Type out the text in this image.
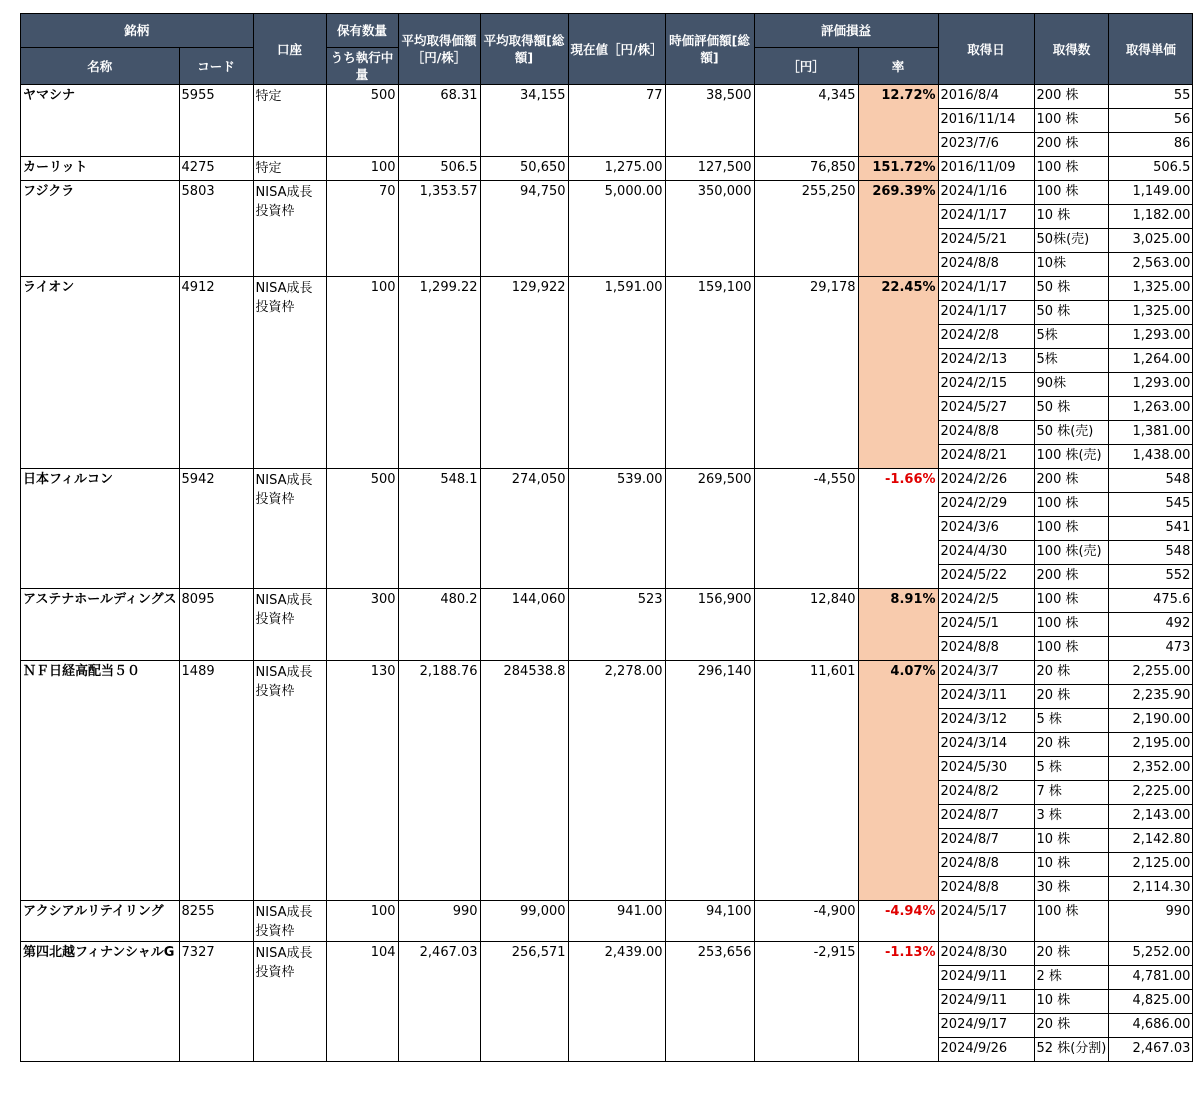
銘柄		口座	保有数量	平均取得価額［円/株］	平均取得額[総額]	現在値［円/株］	時価評価額[総額]	評価損益		取得日	取得数	取得単価
名称	コード		うち執行中量					［円］	率			
ヤマシナ	5955	特定	500	68.31	34,155	77	38,500	4,345	12.72%	2016/8/4	200 株	55
										2016/11/14	100 株	56
										2023/7/6	200 株	86
カーリット	4275	特定	100	506.5	50,650	1,275.00	127,500	76,850	151.72%	2016/11/09	100 株	506.5
フジクラ	5803	NISA成長投資枠	70	1,353.57	94,750	5,000.00	350,000	255,250	269.39%	2024/1/16	100 株	1,149.00
										2024/1/17	10 株	1,182.00
										2024/5/21	50株(売)	3,025.00
										2024/8/8	10株	2,563.00
ライオン	4912	NISA成長投資枠	100	1,299.22	129,922	1,591.00	159,100	29,178	22.45%	2024/1/17	50 株	1,325.00
										2024/1/17	50 株	1,325.00
										2024/2/8	5株	1,293.00
										2024/2/13	5株	1,264.00
										2024/2/15	90株	1,293.00
										2024/5/27	50 株	1,263.00
										2024/8/8	50 株(売)	1,381.00
										2024/8/21	100 株(売)	1,438.00
日本フィルコン	5942	NISA成長投資枠	500	548.1	274,050	539.00	269,500	-4,550	-1.66%	2024/2/26	200 株	548
										2024/2/29	100 株	545
										2024/3/6	100 株	541
										2024/4/30	100 株(売)	548
										2024/5/22	200 株	552
アステナホールディングス	8095	NISA成長投資枠	300	480.2	144,060	523	156,900	12,840	8.91%	2024/2/5	100 株	475.6
										2024/5/1	100 株	492
										2024/8/8	100 株	473
ＮＦ日経高配当５０	1489	NISA成長投資枠	130	2,188.76	284538.8	2,278.00	296,140	11,601	4.07%	2024/3/7	20 株	2,255.00
										2024/3/11	20 株	2,235.90
										2024/3/12	5 株	2,190.00
										2024/3/14	20 株	2,195.00
										2024/5/30	5 株	2,352.00
										2024/8/2	7 株	2,225.00
										2024/8/7	3 株	2,143.00
										2024/8/7	10 株	2,142.80
										2024/8/8	10 株	2,125.00
										2024/8/8	30 株	2,114.30
アクシアルリテイリング	8255	NISA成長投資枠	100	990	99,000	941.00	94,100	-4,900	-4.94%	2024/5/17	100 株	990
第四北越フィナンシャルG	7327	NISA成長投資枠	104	2,467.03	256,571	2,439.00	253,656	-2,915	-1.13%	2024/8/30	20 株	5,252.00
										2024/9/11	2 株	4,781.00
										2024/9/11	10 株	4,825.00
										2024/9/17	20 株	4,686.00
										2024/9/26	52 株(分割)	2,467.03
